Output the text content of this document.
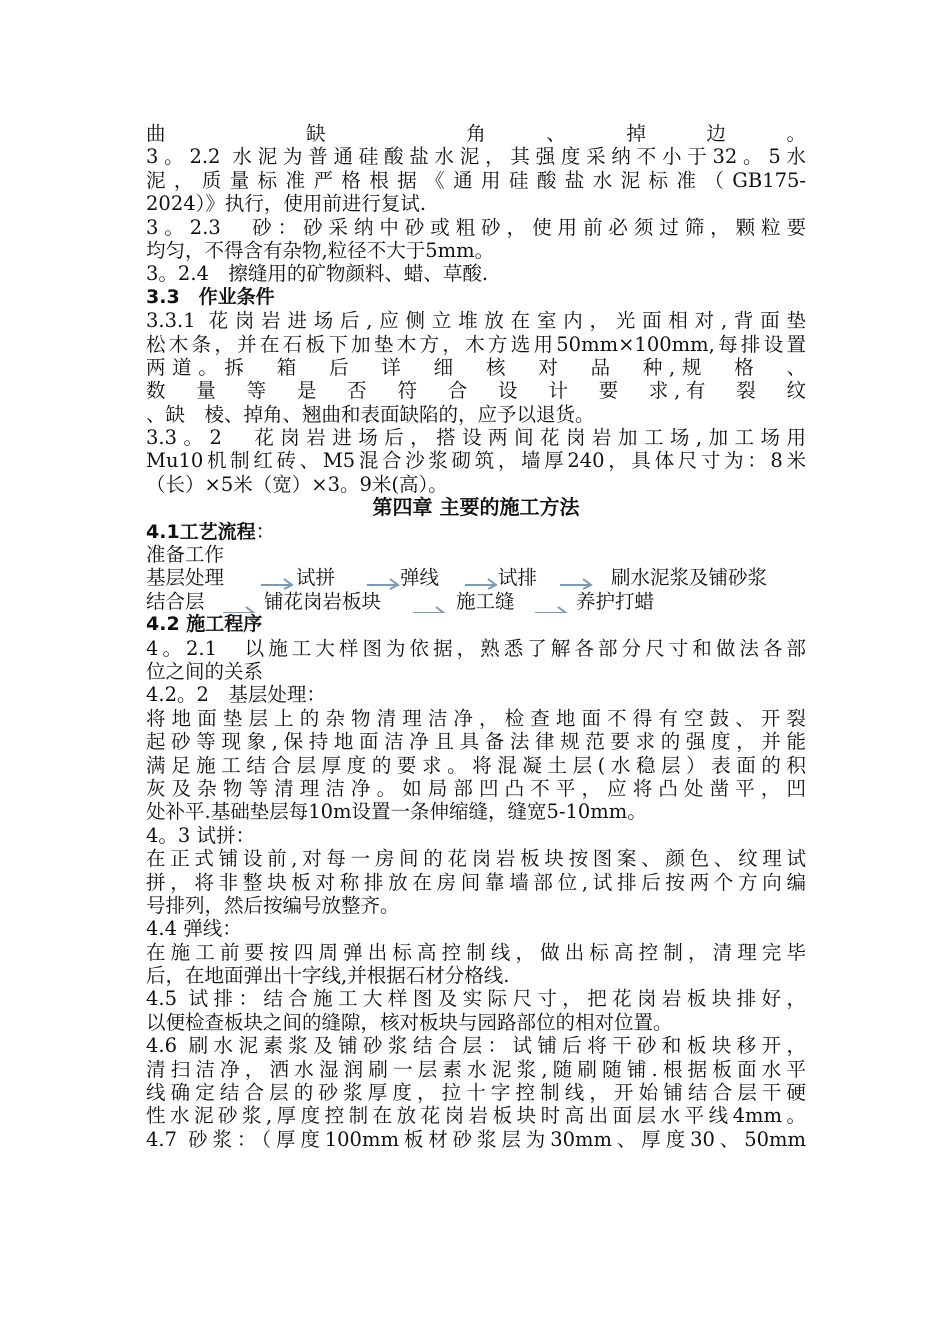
曲　缺　角、掉边。
3。2.2 水泥为普通硅酸盐水泥，其强度采纳不小于32。5水
泥，质量标准严格根据《通用硅酸盐水泥标准（GB175-
2024）》执行，使用前进行复试.
3。2.3　砂：砂采纳中砂或粗砂，使用前必须过筛，颗粒要
均匀，不得含有杂物,粒径不大于5mm。
3。2.4　擦缝用的矿物颜料、蜡、草酸.
3.3　作业条件
3.3.1 花岗岩进场后,应侧立堆放在室内，光面相对,背面垫
松木条，并在石板下加垫木方，木方选用50mm×100mm,每排设置
两道。拆　箱　后　详　细　核　对　品　种,规　格　、
数　量　等　是　否　符　合　设　计　要　求,有　裂　纹
、缺　棱、掉角、翘曲和表面缺陷的，应予以退货。
3.3。2　花岗岩进场后，搭设两间花岗岩加工场,加工场用
Mu10机制红砖、M5混合沙浆砌筑，墙厚240，具体尺寸为：8米
（长）×5米（宽）×3。9米(高）。
第四章 主要的施工方法
4.1工艺流程：
准备工作
基层处理	试拼	弹线	试排	刷水泥浆及铺砂浆
结合层	铺花岗岩板块	施工缝	养护打蜡
4.2 施工程序
4。2.1　以施工大样图为依据，熟悉了解各部分尺寸和做法各部
位之间的关系
4.2。2　基层处理：
将地面垫层上的杂物清理洁净，检查地面不得有空鼓、开裂
起砂等现象,保持地面洁净且具备法律规范要求的强度，并能
满足施工结合层厚度的要求。将混凝土层(水稳层）表面的积
灰及杂物等清理洁净。如局部凹凸不平，应将凸处凿平，凹
处补平.基础垫层每10m设置一条伸缩缝，缝宽5-10mm。
4。3 试拼：
在正式铺设前,对每一房间的花岗岩板块按图案、颜色、纹理试
拼，将非整块板对称排放在房间靠墙部位,试排后按两个方向编
号排列，然后按编号放整齐。
4.4 弹线：
在施工前要按四周弹出标高控制线，做出标高控制，清理完毕
后，在地面弹出十字线,并根据石材分格线.
4.5 试排：结合施工大样图及实际尺寸，把花岗岩板块排好，
以便检查板块之间的缝隙，核对板块与园路部位的相对位置。
4.6 刷水泥素浆及铺砂浆结合层：试铺后将干砂和板块移开，
清扫洁净，洒水湿润刷一层素水泥浆,随刷随铺.根据板面水平
线确定结合层的砂浆厚度，拉十字控制线，开始铺结合层干硬
性水泥砂浆,厚度控制在放花岗岩板块时高出面层水平线4mm。
4.7 砂浆：（厚度100mm板材砂浆层为30mm、厚度30、50mm
